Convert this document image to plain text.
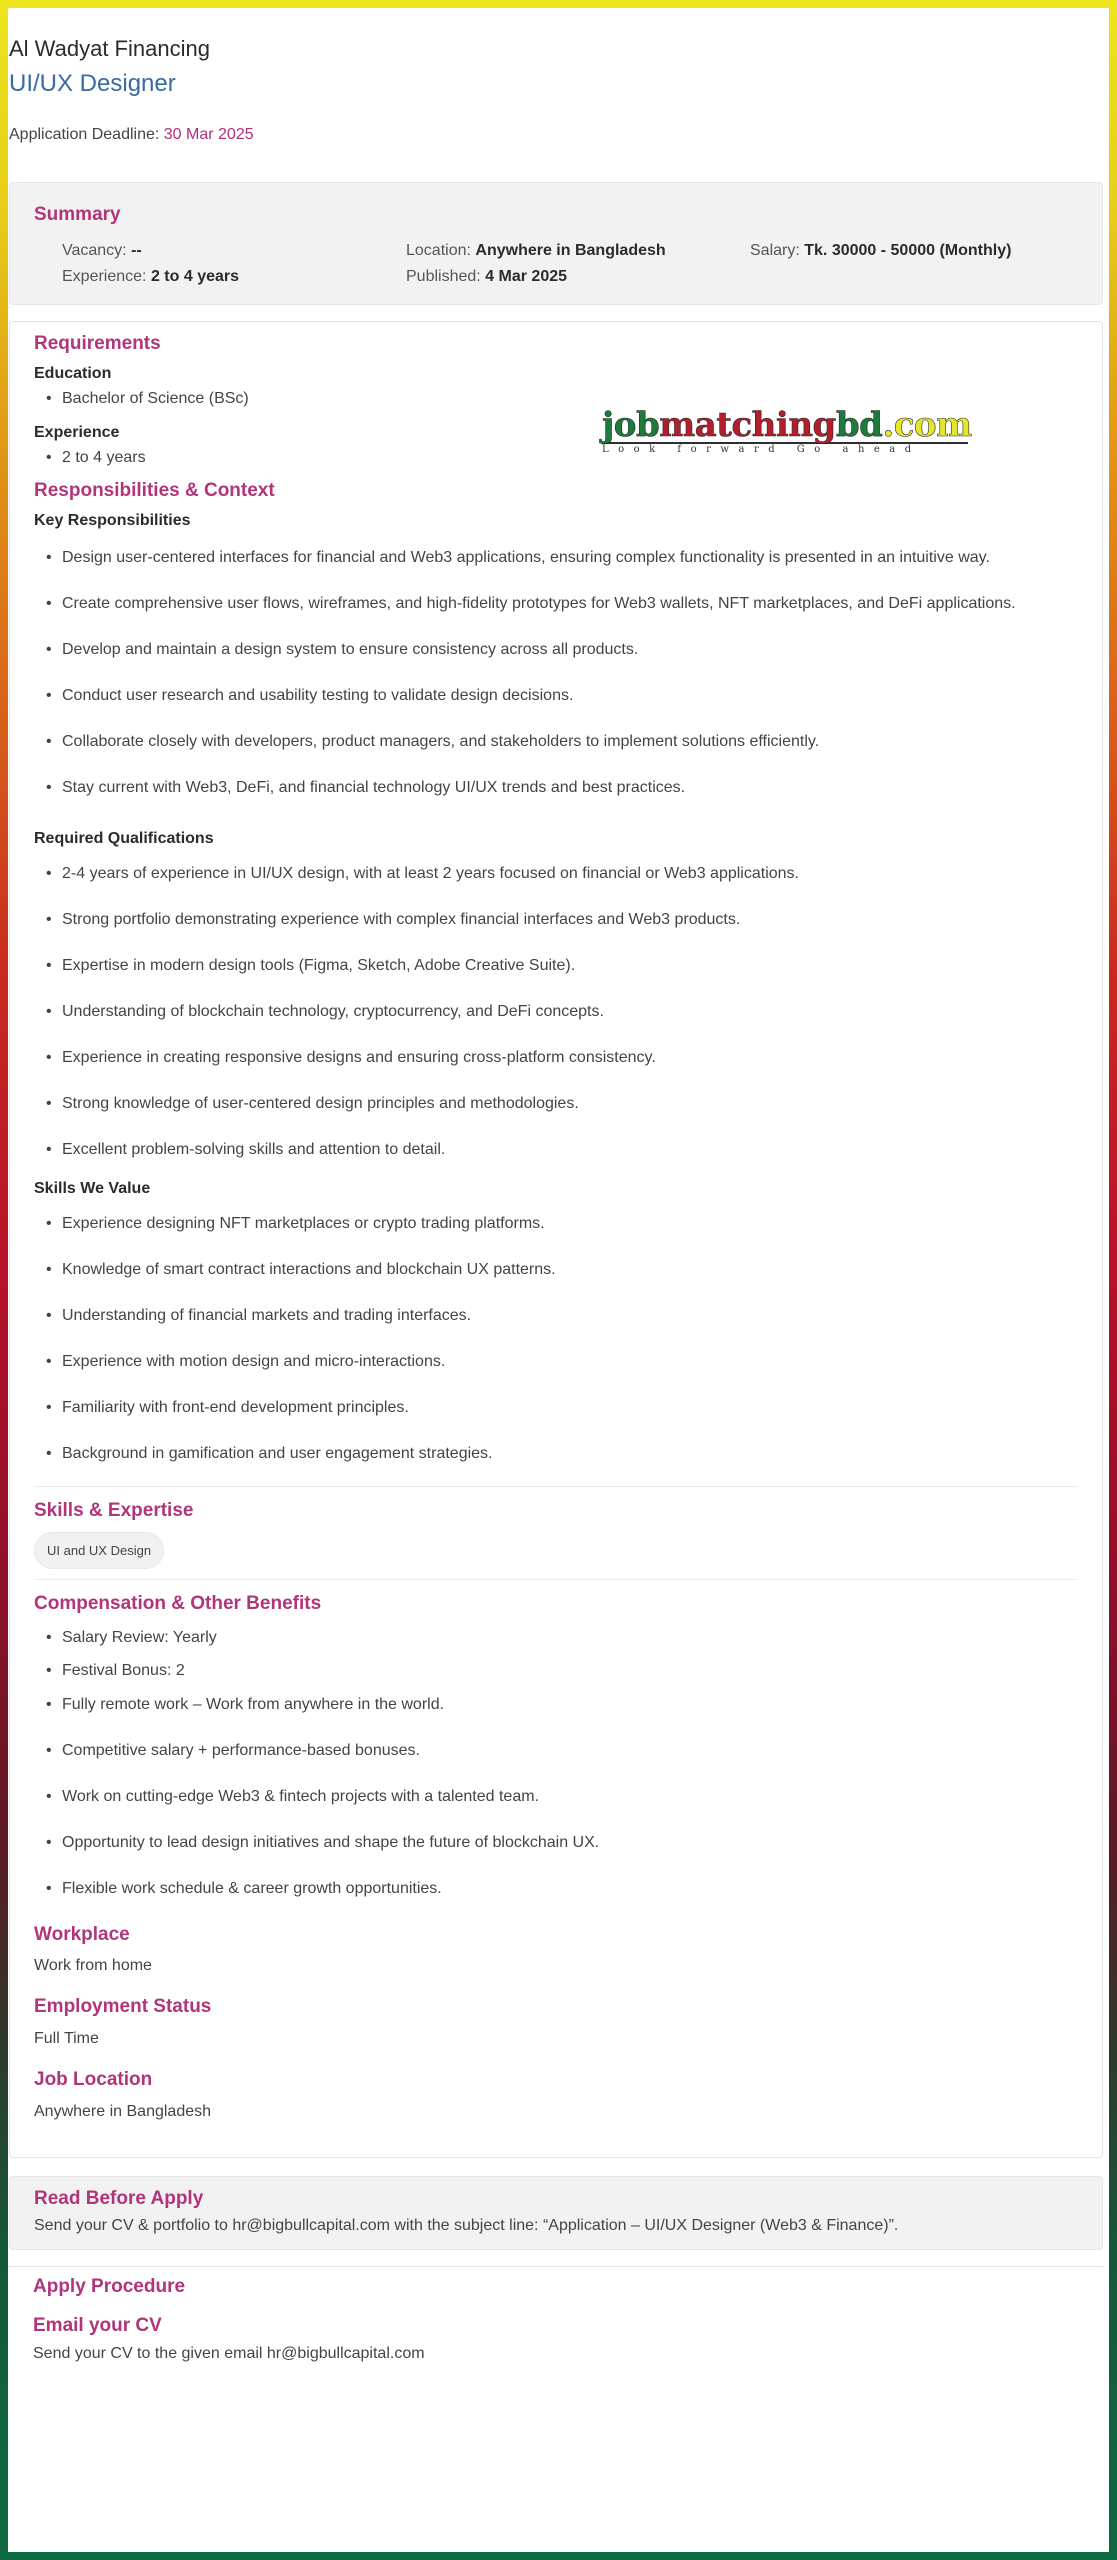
Al Wadyat Financing
UI/UX Designer
Application Deadline: 30 Mar 2025
Summary
Vacancy: --	Location: Anywhere in Bangladesh	Salary: Tk. 30000 - 50000 (Monthly)
Experience: 2 to 4 years	Published: 4 Mar 2025
jobmatchingbd.com
Look forward Go ahead
Requirements
Education
• Bachelor of Science (BSc)
Experience
• 2 to 4 years
Responsibilities & Context
Key Responsibilities
• Design user-centered interfaces for financial and Web3 applications, ensuring complex functionality is presented in an intuitive way.
• Create comprehensive user flows, wireframes, and high-fidelity prototypes for Web3 wallets, NFT marketplaces, and DeFi applications.
• Develop and maintain a design system to ensure consistency across all products.
• Conduct user research and usability testing to validate design decisions.
• Collaborate closely with developers, product managers, and stakeholders to implement solutions efficiently.
• Stay current with Web3, DeFi, and financial technology UI/UX trends and best practices.
Required Qualifications
• 2-4 years of experience in UI/UX design, with at least 2 years focused on financial or Web3 applications.
• Strong portfolio demonstrating experience with complex financial interfaces and Web3 products.
• Expertise in modern design tools (Figma, Sketch, Adobe Creative Suite).
• Understanding of blockchain technology, cryptocurrency, and DeFi concepts.
• Experience in creating responsive designs and ensuring cross-platform consistency.
• Strong knowledge of user-centered design principles and methodologies.
• Excellent problem-solving skills and attention to detail.
Skills We Value
• Experience designing NFT marketplaces or crypto trading platforms.
• Knowledge of smart contract interactions and blockchain UX patterns.
• Understanding of financial markets and trading interfaces.
• Experience with motion design and micro-interactions.
• Familiarity with front-end development principles.
• Background in gamification and user engagement strategies.
Skills & Expertise
UI and UX Design
Compensation & Other Benefits
• Salary Review: Yearly
• Festival Bonus: 2
• Fully remote work – Work from anywhere in the world.
• Competitive salary + performance-based bonuses.
• Work on cutting-edge Web3 & fintech projects with a talented team.
• Opportunity to lead design initiatives and shape the future of blockchain UX.
• Flexible work schedule & career growth opportunities.
Workplace
Work from home
Employment Status
Full Time
Job Location
Anywhere in Bangladesh
Read Before Apply
Send your CV & portfolio to hr@bigbullcapital.com with the subject line: “Application – UI/UX Designer (Web3 & Finance)”.
Apply Procedure
Email your CV
Send your CV to the given email hr@bigbullcapital.com
